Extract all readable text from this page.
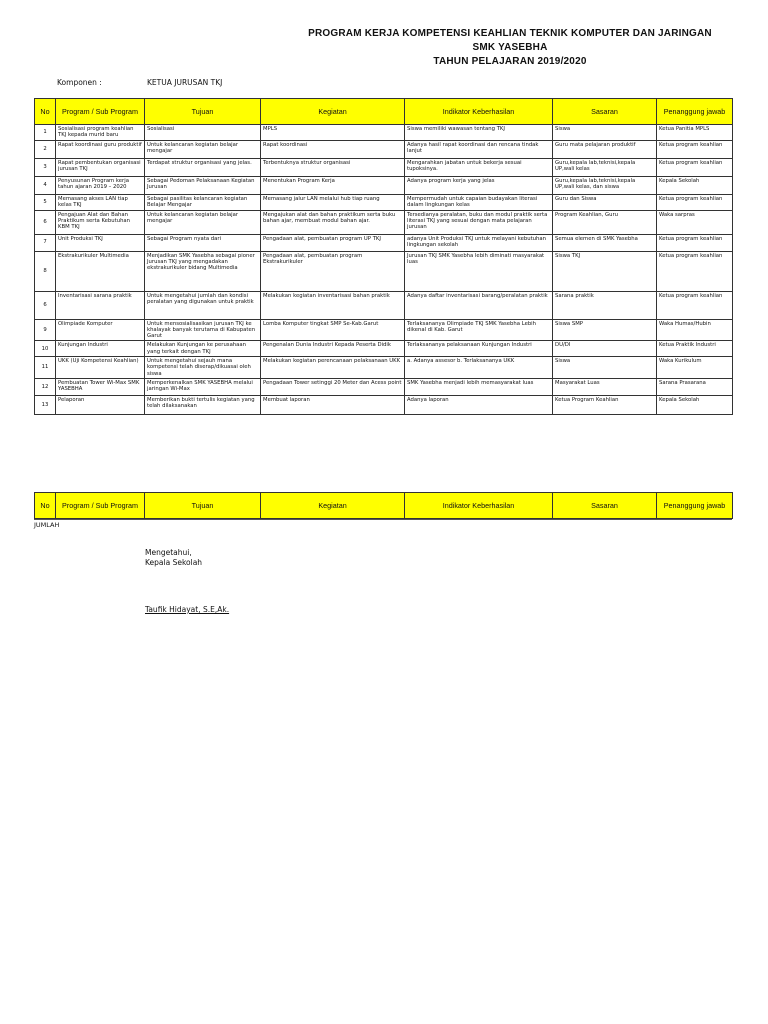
PROGRAM KERJA KOMPETENSI KEAHLIAN TEKNIK KOMPUTER DAN JARINGAN
SMK YASEBHA
TAHUN PELAJARAN 2019/2020
Komponen :	KETUA JURUSAN TKJ
No	Program / Sub Program	Tujuan	Kegiatan	Indikator Keberhasilan	Sasaran	Penanggung jawab
1	Sosialisasi program keahlian TKJ kepada murid baru	Sosialisasi	MPLS	Siswa memiliki wawasan tentang TKJ	Siswa	Ketua Panitia MPLS
2	Rapat koordinasi guru produktif	Untuk kelancaran kegiatan belajar mengajar	Rapat koordinasi	Adanya hasil rapat koordinasi dan rencana tindak lanjut	Guru mata pelajaran produktif	Ketua program keahlian
3	Rapat pembentukan organisasi jurusan TKJ	Terdapat struktur organisasi yang jelas.	Terbentuknya struktur organisasi	Mengarahkan jabatan untuk bekerja sesuai tupoksinya.	Guru,kepala lab,teknisi,kepala UP,wali kelas	Ketua program keahlian
4	Penyusunan Program kerja tahun ajaran 2019 – 2020	Sebagai Pedoman Pelaksanaan Kegiatan Jurusan	Menentukan Program Kerja	Adanya program kerja yang jelas	Guru,kepala lab,teknisi,kepala UP,wali kelas, dan siswa	Kepala Sekolah
5	Memasang akses LAN tiap kelas TKJ	Sebagai pasilitas kelancaran kegiatan Belajar Mengajar	Memasang jalur LAN melalui hub tiap ruang	Mempermudah untuk capaian budayakan literasi dalam lingkungan kelas	Guru dan Siswa	Ketua program keahlian
6	Pengajuan Alat dan Bahan Praktikum serta Kebutuhan KBM TKJ	Untuk kelancaran kegiatan belajar mengajar	Mengajukan alat dan bahan praktikum serta buku bahan ajar, membuat modul bahan ajar.	Tersedianya peralatan, buku dan modul praktik serta literasi TKJ yang sesuai dengan mata pelajaran jurusan	Program Keahlian, Guru	Waka sarpras
7	Unit Produksi TKJ	Sebagai Program nyata dari	Pengadaan alat, pembuatan program UP TKJ	adanya Unit Produksi TKJ untuk melayani kebutuhan lingkungan sekolah	Semua elemen di SMK Yasebha	Ketua program keahlian
8	Ekstrakurikuler Multimedia	Menjadikan SMK Yasebha sebagai pioner Jurusan TKJ yang mengadakan ekstrakurikuler bidang Multimedia	Pengadaan alat, pembuatan program Ekstrakurikuler	Jurusan TKJ SMK Yasebha lebih diminati masyarakat luas	Siswa TKJ	Ketua program keahlian
6	Inventarisasi sarana praktik	Untuk mengetahui jumlah dan kondisi peralatan yang digunakan untuk praktik	Melakukan kegiatan inventarisasi bahan praktik	Adanya daftar inventarisasi barang/peralatan praktik	Sarana praktik	Ketua program keahlian
9	Olimpiade Komputer	Untuk mensosialisasikan jurusan TKJ ke khalayak banyak terutama di Kabupaten Garut	Lomba Komputer tingkat SMP Se-Kab.Garut	Terlaksananya Olimpiade TKJ SMK Yasebha Lebih dikenal di Kab. Garut	Siswa SMP	Waka Humas/Hubin
10	Kunjungan Industri	Melakukan Kunjungan ke perusahaan yang terkait dengan TKJ	Pengenalan Dunia Industri Kepada Peserta Didik	Terlaksananya pelaksanaan Kunjungan Industri	DU/DI	Ketua Praktik Industri
11	UKK (Uji Kompetensi Keahlian)	Untuk mengetahui sejauh mana kompetensi telah diserap/dikuasai oleh siswa	Melakukan kegiatan perencanaan pelaksanaan UKK	a. Adanya assesor b. Terlaksananya UKK	Siswa	Waka Kurikulum
12	Pembuatan Tower Wi-Max SMK YASEBHA	Memperkenalkan SMK YASEBHA melalui jaringan Wi-Max	Pengadaan Tower setinggi 20 Meter dan Acess point	SMK Yasebha menjadi lebih memasyarakat luas	Masyarakat Luas	Sarana Prasarana
13	Pelaporan	Memberikan bukti tertulis kegiatan yang telah dilaksanakan	Membuat laporan	Adanya laporan	Ketua Program Keahlian	Kepala Sekolah
No	Program / Sub Program	Tujuan	Kegiatan	Indikator Keberhasilan	Sasaran	Penanggung jawab
JUMLAH
Mengetahui,
Kepala Sekolah
Taufik Hidayat, S.E,Ak.
